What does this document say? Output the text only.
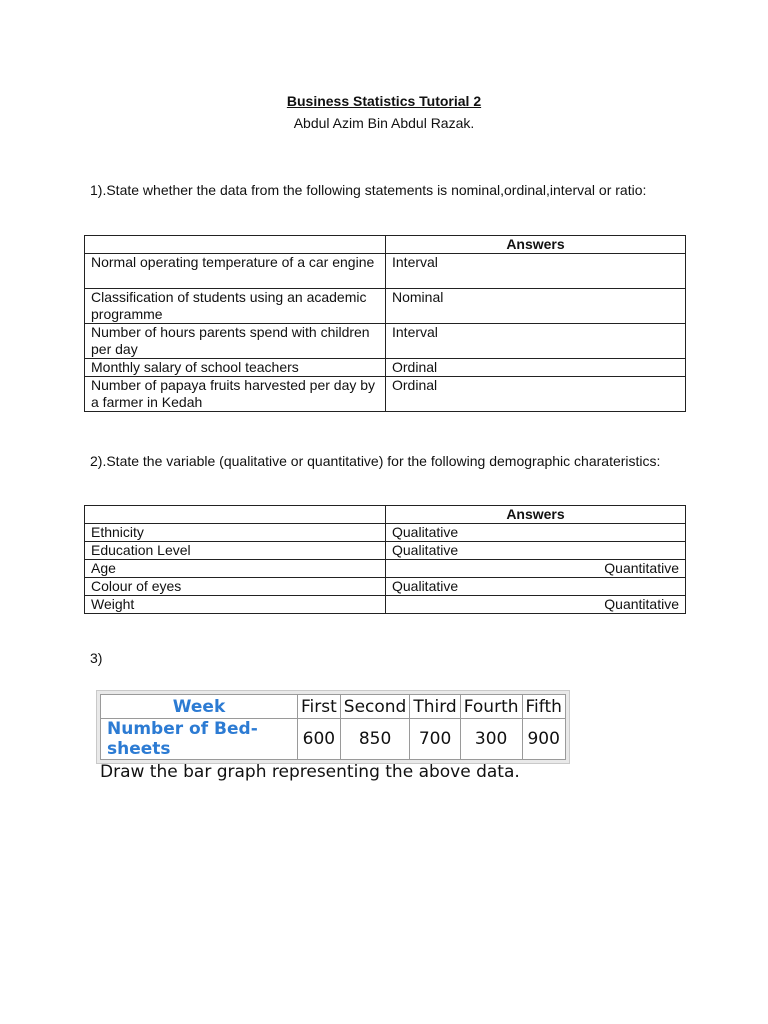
Business Statistics Tutorial 2
Abdul Azim Bin Abdul Razak.
1).State whether the data from the following statements is nominal,ordinal,interval or ratio:
	Answers
Normal operating temperature of a car engine	Interval
Classification of students using an academic programme	Nominal
Number of hours parents spend with children per day	Interval
Monthly salary of school teachers	Ordinal
Number of papaya fruits harvested per day by a farmer in Kedah	Ordinal
2).State the variable (qualitative or quantitative) for the following demographic charateristics:
	Answers
Ethnicity	Qualitative
Education Level	Qualitative
Age	Quantitative
Colour of eyes	Qualitative
Weight	Quantitative
3)
Week	First	Second	Third	Fourth	Fifth
Number of Bed-sheets	600	850	700	300	900
Draw the bar graph representing the above data.
